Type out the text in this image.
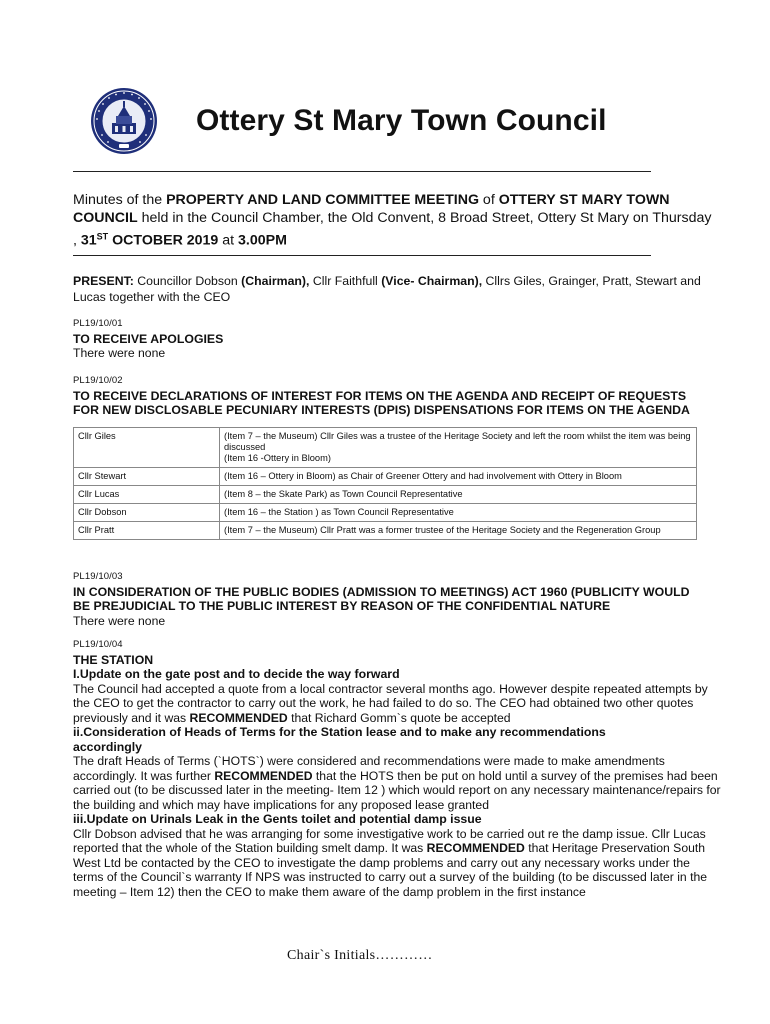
Ottery St Mary Town Council
Minutes of the PROPERTY AND LAND COMMITTEE MEETING of OTTERY ST MARY TOWN COUNCIL held in the Council Chamber, the Old Convent, 8 Broad Street, Ottery St Mary on Thursday , 31ST OCTOBER 2019 at 3.00PM
PRESENT: Councillor Dobson (Chairman), Cllr Faithfull (Vice- Chairman), Cllrs Giles, Grainger, Pratt, Stewart and Lucas together with the CEO
PL19/10/01
TO RECEIVE APOLOGIES
There were none
PL19/10/02
TO RECEIVE DECLARATIONS OF INTEREST FOR ITEMS ON THE AGENDA AND RECEIPT OF REQUESTS FOR NEW DISCLOSABLE PECUNIARY INTERESTS (DPIS) DISPENSATIONS FOR ITEMS ON THE AGENDA
Cllr Giles	(Item 7 – the Museum) Cllr Giles was a trustee of the Heritage Society and left the room whilst the item was being discussed
(Item 16 -Ottery in Bloom)

Cllr Stewart	(Item 16 – Ottery in Bloom) as Chair of Greener Ottery and had involvement with Ottery in Bloom
Cllr Lucas	(Item 8 – the Skate Park) as Town Council Representative
Cllr Dobson	(Item 16 – the Station ) as Town Council Representative
Cllr Pratt	(Item 7 – the Museum) Cllr Pratt was a former trustee of the Heritage Society and the Regeneration Group
PL19/10/03
IN CONSIDERATION OF THE PUBLIC BODIES (ADMISSION TO MEETINGS) ACT 1960 (PUBLICITY WOULD BE PREJUDICIAL TO THE PUBLIC INTEREST BY REASON OF THE CONFIDENTIAL NATURE
There were none
PL19/10/04
THE STATION
I.Update on the gate post and to decide the way forward
The Council had accepted a quote from a local contractor several months ago. However despite repeated attempts by the CEO to get the contractor to carry out the work, he had failed to do so. The CEO had obtained two other quotes previously and it was RECOMMENDED that Richard Gomm`s quote be accepted
ii.Consideration of Heads of Terms for the Station lease and to make any recommendations accordingly
The draft Heads of Terms (`HOTS`) were considered and recommendations were made to make amendments accordingly. It was further RECOMMENDED that the HOTS then be put on hold until a survey of the premises had been carried out (to be discussed later in the meeting- Item 12 ) which would report on any necessary maintenance/repairs for the building and which may have implications for any proposed lease granted
iii.Update on Urinals Leak in the Gents toilet and potential damp issue
Cllr Dobson advised that he was arranging for some investigative work to be carried out re the damp issue. Cllr Lucas reported that the whole of the Station building smelt damp. It was RECOMMENDED that Heritage Preservation South West Ltd be contacted by the CEO to investigate the damp problems and carry out any necessary works under the terms of the Council`s warranty If NPS was instructed to carry out a survey of the building (to be discussed later in the meeting – Item 12) then the CEO to make them aware of the damp problem in the first instance
Chair`s Initials…………
